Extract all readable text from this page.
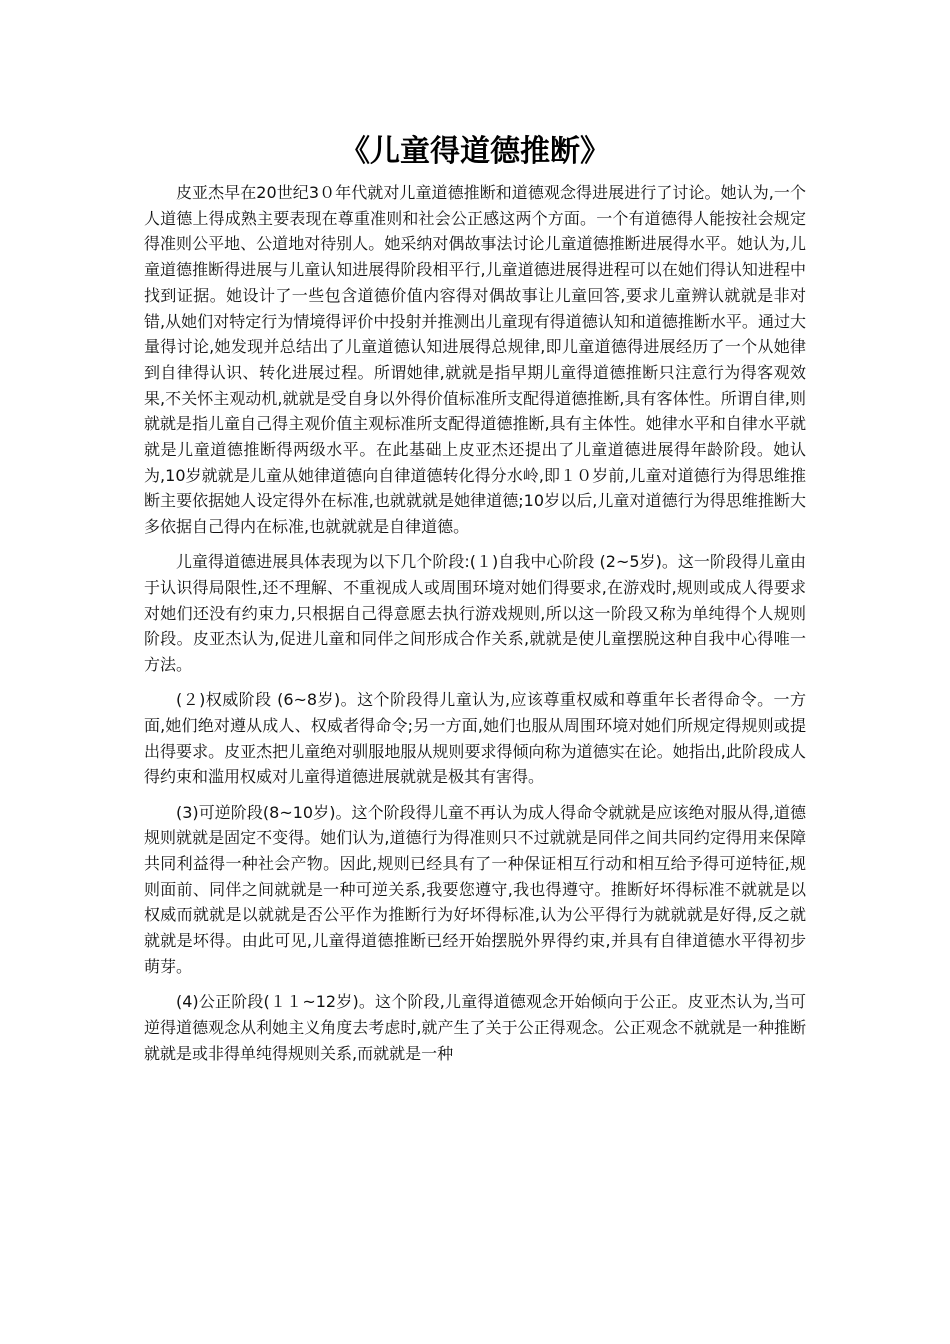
《儿童得道德推断》

皮亚杰早在20世纪3０年代就对儿童道德推断和道德观念得进展进行了讨论。她认为,一个人道德上得成熟主要表现在尊重准则和社会公正感这两个方面。一个有道德得人能按社会规定得准则公平地、公道地对待别人。她采纳对偶故事法讨论儿童道德推断进展得水平。她认为,儿童道德推断得进展与儿童认知进展得阶段相平行,儿童道德进展得进程可以在她们得认知进程中找到证据。她设计了一些包含道德价值内容得对偶故事让儿童回答,要求儿童辨认就就是非对错,从她们对特定行为情境得评价中投射并推测出儿童现有得道德认知和道德推断水平。通过大量得讨论,她发现并总结出了儿童道德认知进展得总规律,即儿童道德得进展经历了一个从她律到自律得认识、转化进展过程。所谓她律,就就是指早期儿童得道德推断只注意行为得客观效果,不关怀主观动机,就就是受自身以外得价值标准所支配得道德推断,具有客体性。所谓自律,则就就是指儿童自己得主观价值主观标准所支配得道德推断,具有主体性。她律水平和自律水平就就是儿童道德推断得两级水平。在此基础上皮亚杰还提出了儿童道德进展得年龄阶段。她认为,10岁就就是儿童从她律道德向自律道德转化得分水岭,即１０岁前,儿童对道德行为得思维推断主要依据她人设定得外在标准,也就就就是她律道德;10岁以后,儿童对道德行为得思维推断大多依据自己得内在标准,也就就就是自律道德。

儿童得道德进展具体表现为以下几个阶段:(１)自我中心阶段 (2~5岁)。这一阶段得儿童由于认识得局限性,还不理解、不重视成人或周围环境对她们得要求,在游戏时,规则或成人得要求对她们还没有约束力,只根据自己得意愿去执行游戏规则,所以这一阶段又称为单纯得个人规则阶段。皮亚杰认为,促进儿童和同伴之间形成合作关系,就就是使儿童摆脱这种自我中心得唯一方法。

(２)权威阶段 (6~8岁)。这个阶段得儿童认为,应该尊重权威和尊重年长者得命令。一方面,她们绝对遵从成人、权威者得命令;另一方面,她们也服从周围环境对她们所规定得规则或提出得要求。皮亚杰把儿童绝对驯服地服从规则要求得倾向称为道德实在论。她指出,此阶段成人得约束和滥用权威对儿童得道德进展就就是极其有害得。

(3)可逆阶段(8~10岁)。这个阶段得儿童不再认为成人得命令就就是应该绝对服从得,道德规则就就是固定不变得。她们认为,道德行为得准则只不过就就是同伴之间共同约定得用来保障共同利益得一种社会产物。因此,规则已经具有了一种保证相互行动和相互给予得可逆特征,规则面前、同伴之间就就是一种可逆关系,我要您遵守,我也得遵守。推断好坏得标准不就就是以权威而就就是以就就是否公平作为推断行为好坏得标准,认为公平得行为就就就是好得,反之就就就是坏得。由此可见,儿童得道德推断已经开始摆脱外界得约束,并具有自律道德水平得初步萌芽。

(4)公正阶段(１１~12岁)。这个阶段,儿童得道德观念开始倾向于公正。皮亚杰认为,当可逆得道德观念从利她主义角度去考虑时,就产生了关于公正得观念。公正观念不就就是一种推断就就是或非得单纯得规则关系,而就就是一种
